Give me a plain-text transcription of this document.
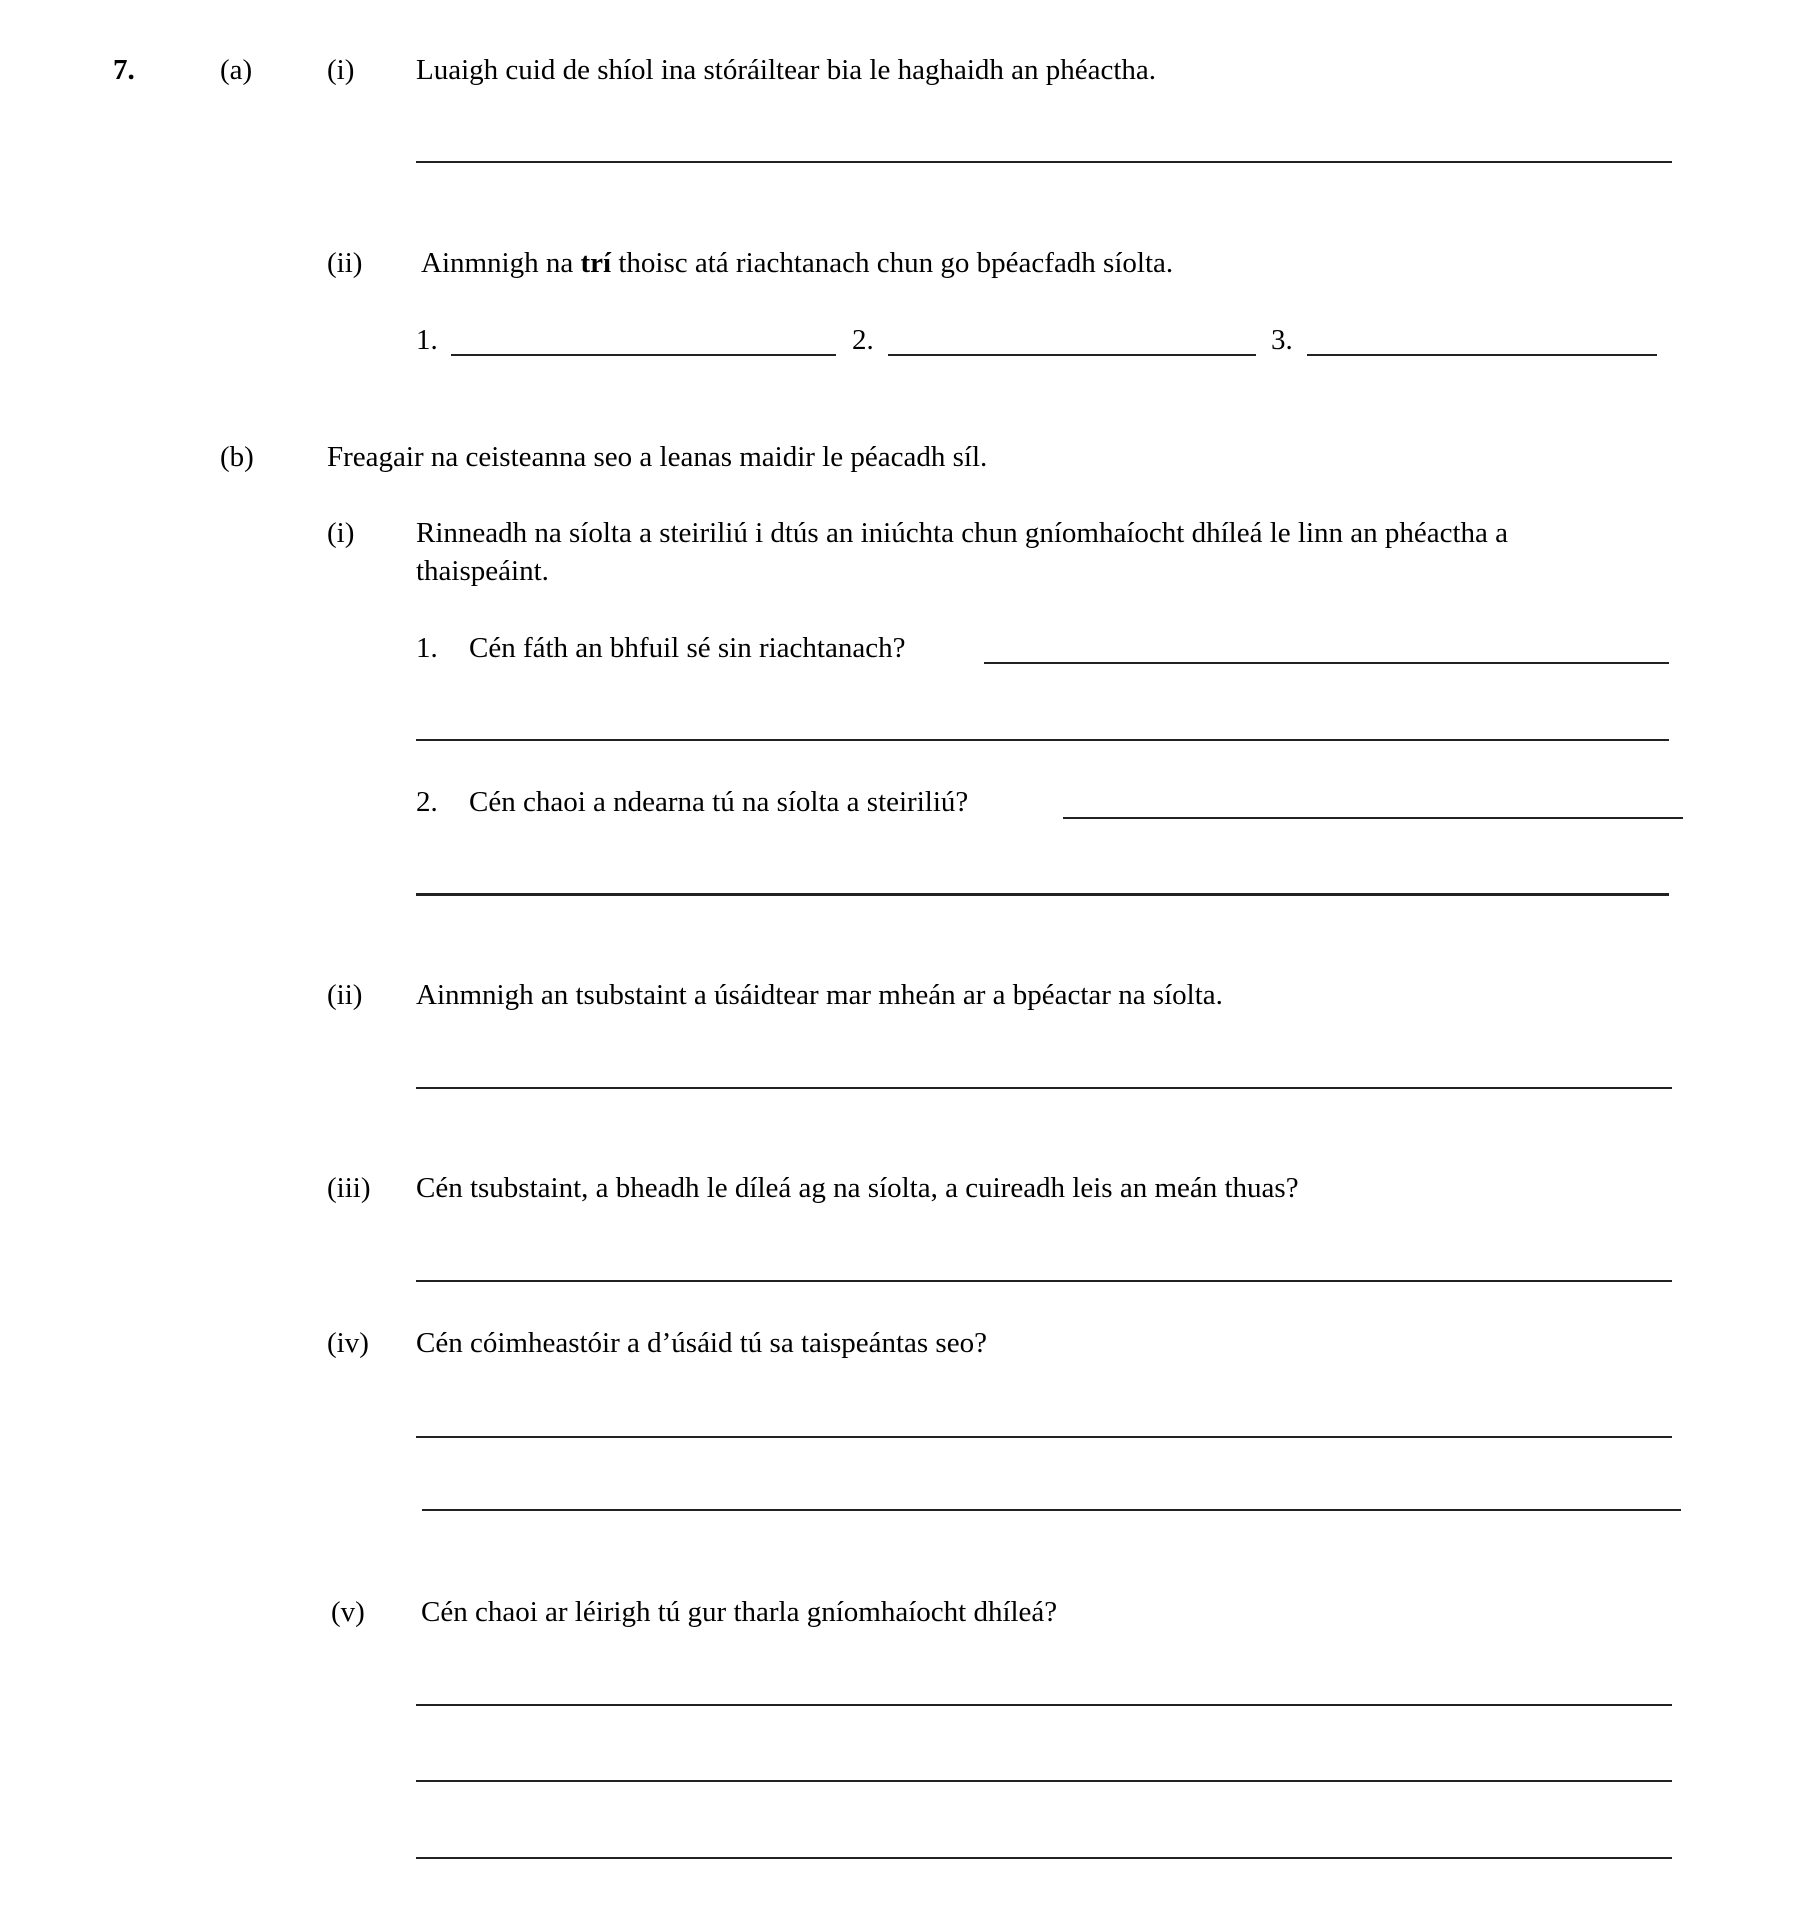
7.	(a)	(i) Luaigh cuid de shíol ina stóráiltear bia le haghaidh an phéactha.
(ii) Ainmnigh na trí thoisc atá riachtanach chun go bpéacfadh síolta.
1.	2.	3.
(b)	Freagair na ceisteanna seo a leanas maidir le péacadh síl.
(i) Rinneadh na síolta a steiriliú i dtús an iniúchta chun gníomhaíocht dhíleá le linn an phéactha a
thaispeáint.
1. Cén fáth an bhfuil sé sin riachtanach?
2. Cén chaoi a ndearna tú na síolta a steiriliú?
(ii) Ainmnigh an tsubstaint a úsáidtear mar mheán ar a bpéactar na síolta.
(iii) Cén tsubstaint, a bheadh le díleá ag na síolta, a cuireadh leis an meán thuas?
(iv) Cén cóimheastóir a d’úsáid tú sa taispeántas seo?
(v) Cén chaoi ar léirigh tú gur tharla gníomhaíocht dhíleá?
